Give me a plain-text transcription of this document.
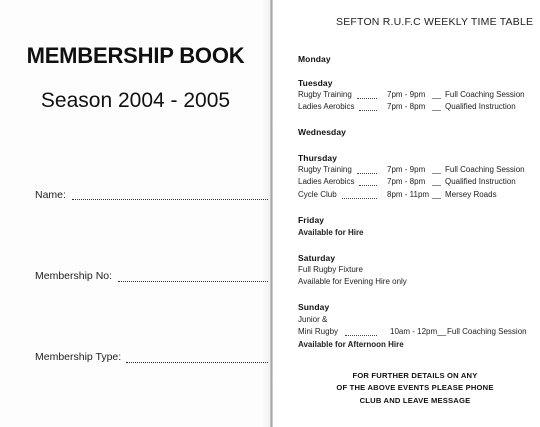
MEMBERSHIP BOOK
Season 2004 - 2005
Name:
Membership No:
Membership Type:
SEFTON R.U.F.C WEEKLY TIME TABLE
Monday
Tuesday
Rugby Training	7pm - 9pm __ Full Coaching Session
Ladies Aerobics	7pm - 8pm __ Qualified Instruction
Wednesday
Thursday
Rugby Training	7pm - 9pm __ Full Coaching Session
Ladies Aerobics	7pm - 8pm __ Qualified Instruction
Cycle Club	8pm - 11pm __ Mersey Roads
Friday
Available for Hire
Saturday
Full Rugby Fixture
Available for Evening Hire only
Sunday
Junior &
Mini Rugby	10am - 12pm __ Full Coaching Session
Available for Afternoon Hire
FOR FURTHER DETAILS ON ANY
OF THE ABOVE EVENTS PLEASE PHONE
CLUB AND LEAVE MESSAGE
